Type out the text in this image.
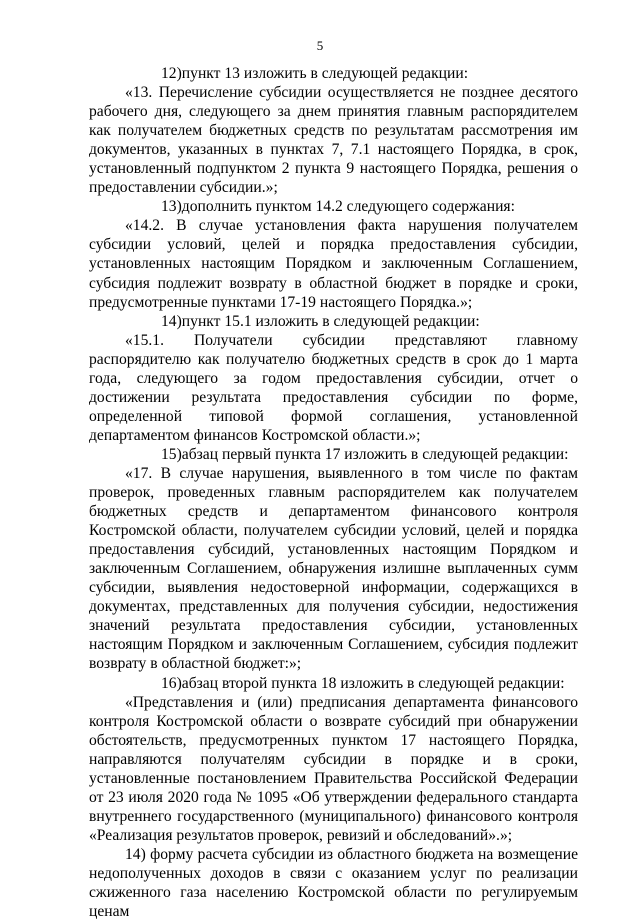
5

12)пункт 13 изложить в следующей редакции:

«13. Перечисление субсидии осуществляется не позднее десятого рабочего дня, следующего за днем принятия главным распорядителем как получателем бюджетных средств по результатам рассмотрения им документов, указанных в пунктах 7, 7.1 настоящего Порядка, в срок, установленный подпунктом 2 пункта 9 настоящего Порядка, решения о предоставлении субсидии.»;

13)дополнить пунктом 14.2 следующего содержания:

«14.2. В случае установления факта нарушения получателем субсидии условий, целей и порядка предоставления субсидии, установленных настоящим Порядком и заключенным Соглашением, субсидия подлежит возврату в областной бюджет в порядке и сроки, предусмотренные пунктами 17-19 настоящего Порядка.»;

14)пункт 15.1 изложить в следующей редакции:

«15.1. Получатели субсидии представляют главному распорядителю как получателю бюджетных средств в срок до 1 марта года, следующего за годом предоставления субсидии, отчет о достижении результата предоставления субсидии по форме, определенной типовой формой соглашения, установленной департаментом финансов Костромской области.»;

15)абзац первый пункта 17 изложить в следующей редакции:

«17. В случае нарушения, выявленного в том числе по фактам проверок, проведенных главным распорядителем как получателем бюджетных средств и департаментом финансового контроля Костромской области, получателем субсидии условий, целей и порядка предоставления субсидий, установленных настоящим Порядком и заключенным Соглашением, обнаружения излишне выплаченных сумм субсидии, выявления недостоверной информации, содержащихся в документах, представленных для получения субсидии, недостижения значений результата предоставления субсидии, установленных настоящим Порядком и заключенным Соглашением, субсидия подлежит возврату в областной бюджет:»;

16)абзац второй пункта 18 изложить в следующей редакции:

«Представления и (или) предписания департамента финансового контроля Костромской области о возврате субсидий при обнаружении обстоятельств, предусмотренных пунктом 17 настоящего Порядка, направляются получателям субсидии в порядке и в сроки, установленные постановлением Правительства Российской Федерации от 23 июля 2020 года № 1095 «Об утверждении федерального стандарта внутреннего государственного (муниципального) финансового контроля «Реализация результатов проверок, ревизий и обследований».»;

14) форму расчета субсидии из областного бюджета на возмещение недополученных доходов в связи с оказанием услуг по реализации сжиженного газа населению Костромской области по регулируемым ценам
